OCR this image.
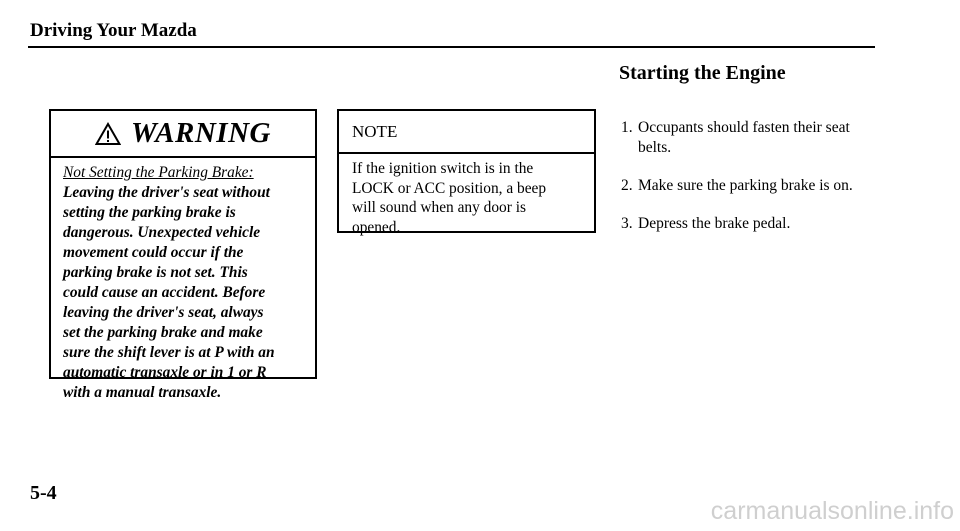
Driving Your Mazda
Starting the Engine
WARNING
Not Setting the Parking Brake:
Leaving the driver's seat without
setting the parking brake is
dangerous. Unexpected vehicle
movement could occur if the
parking brake is not set. This
could cause an accident. Before
leaving the driver's seat, always
set the parking brake and make
sure the shift lever is at P with an
automatic transaxle or in 1 or R
with a manual transaxle.
NOTE
If the ignition switch is in the
LOCK or ACC position, a beep
will sound when any door is
opened.
1. Occupants should fasten their seat
belts.
2. Make sure the parking brake is on.
3. Depress the brake pedal.
5-4
carmanualsonline.info
